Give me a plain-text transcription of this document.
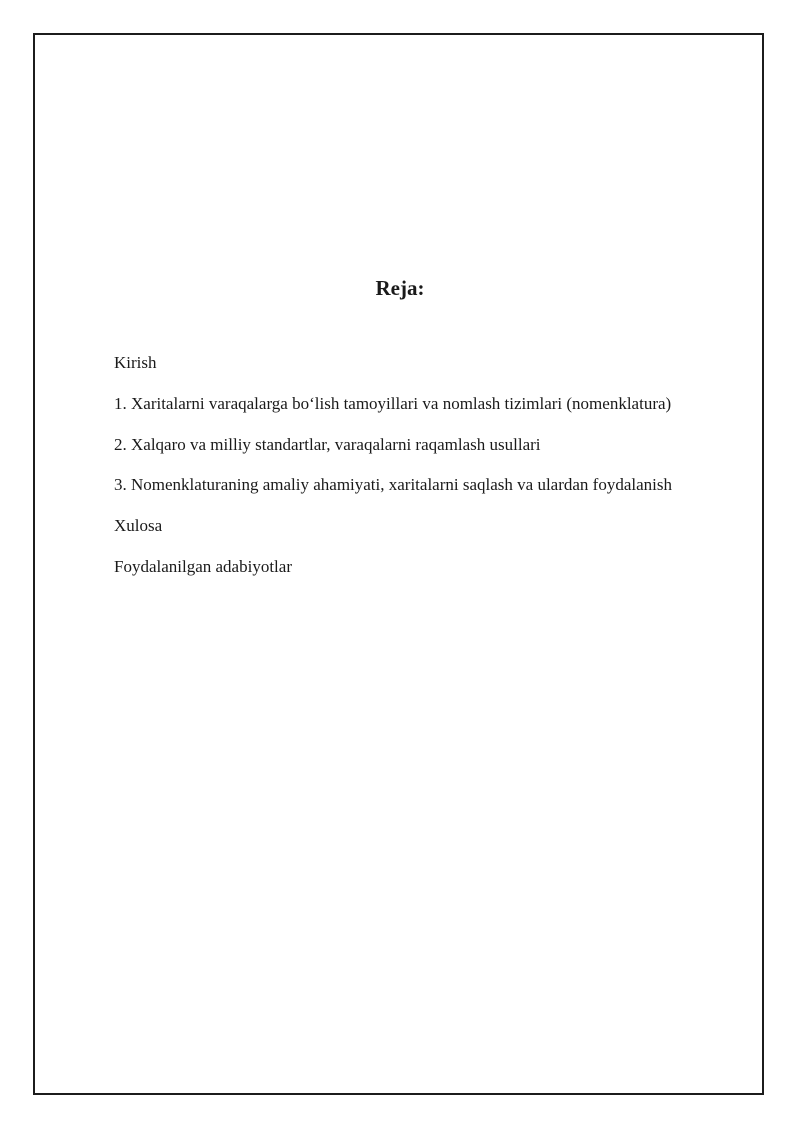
Reja:
Kirish
1. Xaritalarni varaqalarga bo‘lish tamoyillari va nomlash tizimlari (nomenklatura)
2. Xalqaro va milliy standartlar, varaqalarni raqamlash usullari
3. Nomenklaturaning amaliy ahamiyati, xaritalarni saqlash va ulardan foydalanish
Xulosa
Foydalanilgan adabiyotlar
